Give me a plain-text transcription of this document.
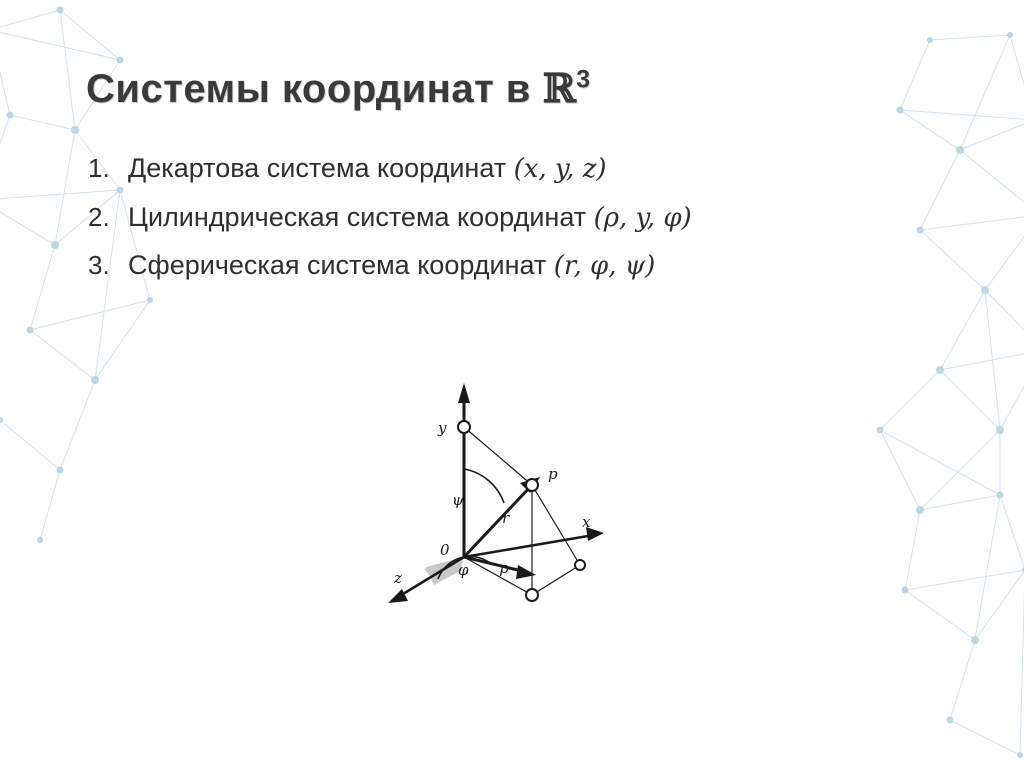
Системы координат в ℝ$^3$
1. Декартова система координат (x, y, z)
2. Цилиндрическая система координат (ρ, y, φ)
3. Сферическая система координат (r, φ, ψ)
y
x
z
0
p
r
ρ
φ
ψ
